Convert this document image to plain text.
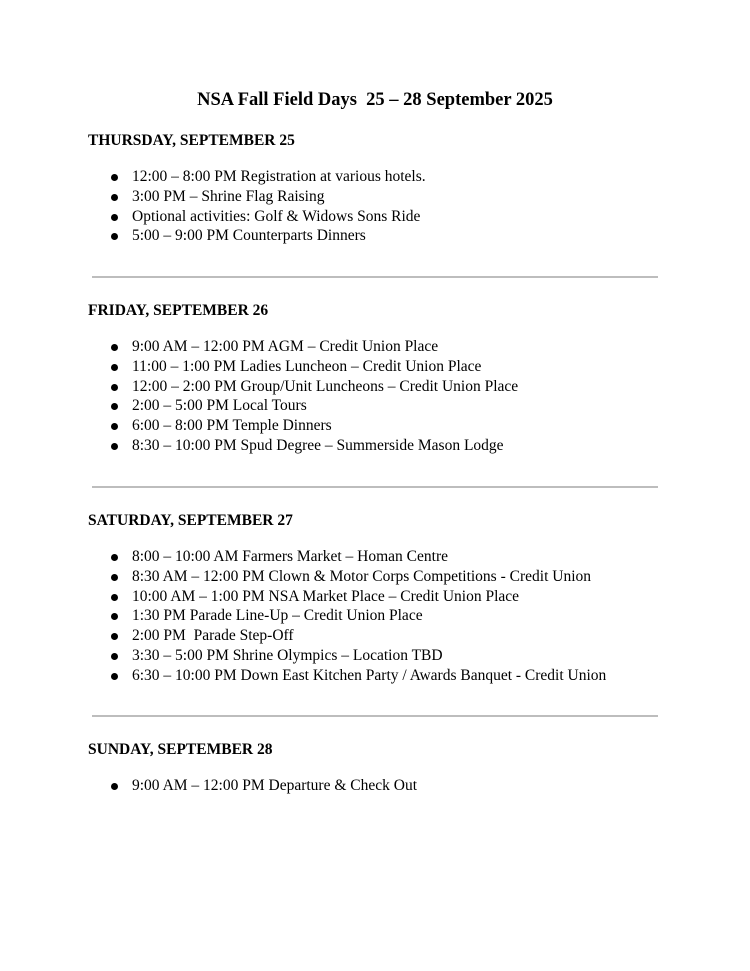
NSA Fall Field Days  25 – 28 September 2025
THURSDAY, SEPTEMBER 25
12:00 – 8:00 PM Registration at various hotels.
3:00 PM – Shrine Flag Raising
Optional activities: Golf & Widows Sons Ride
5:00 – 9:00 PM Counterparts Dinners
FRIDAY, SEPTEMBER 26
9:00 AM – 12:00 PM AGM – Credit Union Place
11:00 – 1:00 PM Ladies Luncheon – Credit Union Place
12:00 – 2:00 PM Group/Unit Luncheons – Credit Union Place
2:00 – 5:00 PM Local Tours
6:00 – 8:00 PM Temple Dinners
8:30 – 10:00 PM Spud Degree – Summerside Mason Lodge
SATURDAY, SEPTEMBER 27
8:00 – 10:00 AM Farmers Market – Homan Centre
8:30 AM – 12:00 PM Clown & Motor Corps Competitions - Credit Union
10:00 AM – 1:00 PM NSA Market Place – Credit Union Place
1:30 PM Parade Line-Up – Credit Union Place
2:00 PM  Parade Step-Off
3:30 – 5:00 PM Shrine Olympics – Location TBD
6:30 – 10:00 PM Down East Kitchen Party / Awards Banquet - Credit Union
SUNDAY, SEPTEMBER 28
9:00 AM – 12:00 PM Departure & Check Out
